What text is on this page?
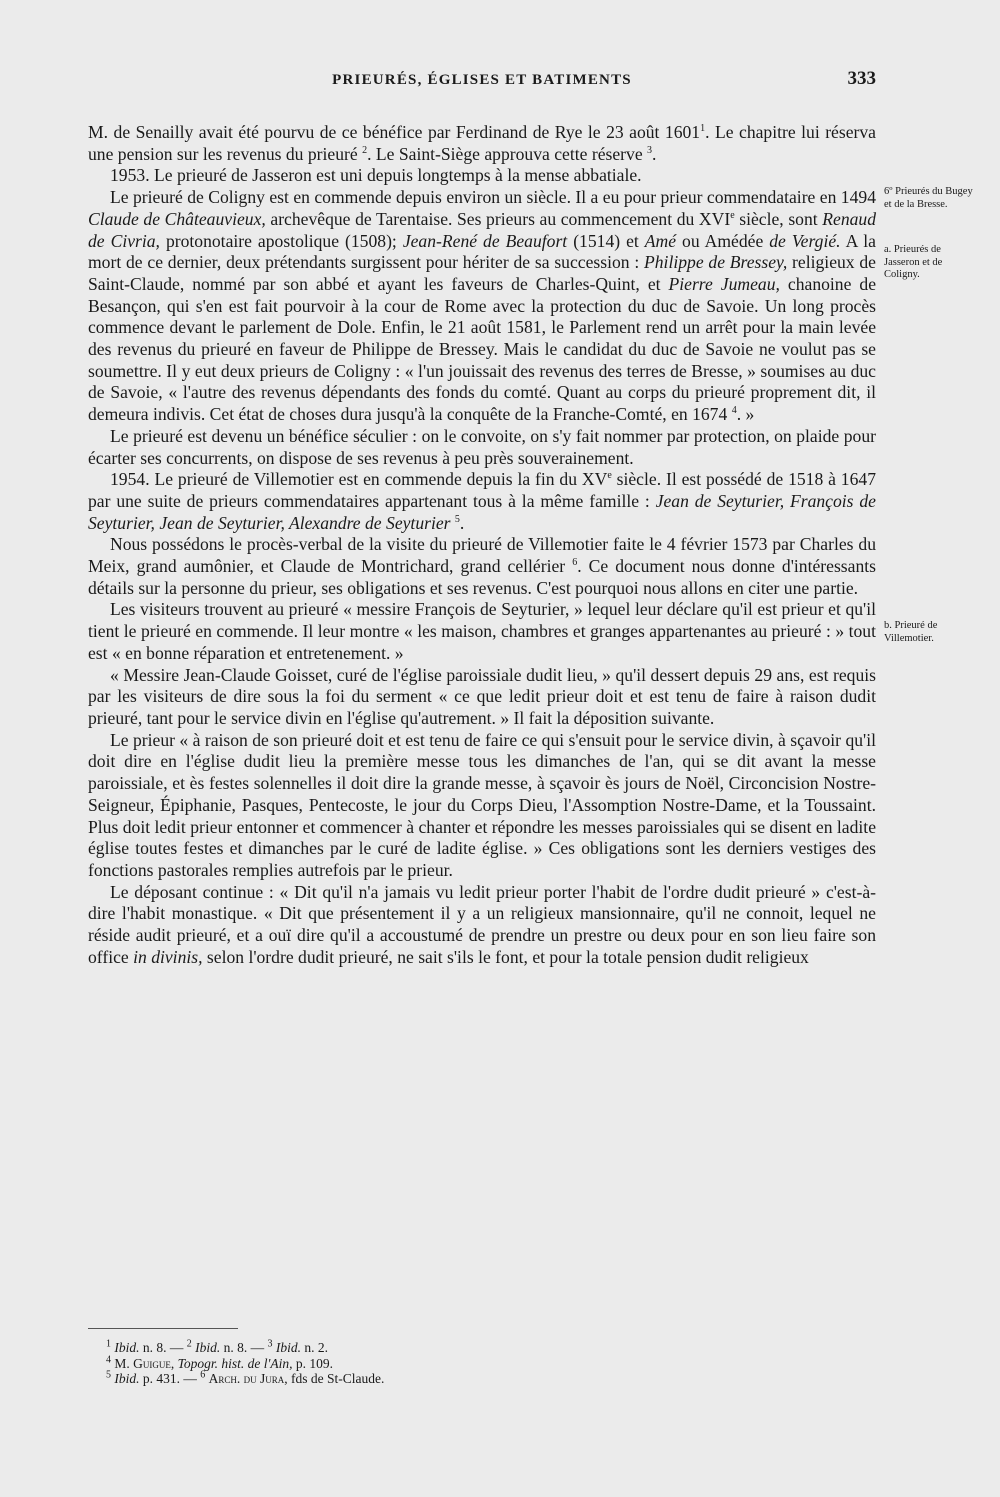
PRIEURÉS, ÉGLISES ET BATIMENTS	333

M. de Senailly avait été pourvu de ce bénéfice par Ferdinand de Rye le 23 août 1601$^1$. Le chapitre lui réserva une pension sur les revenus du prieuré $^2$. Le Saint-Siège approuva cette réserve $^3$.

1953. Le prieuré de Jasseron est uni depuis longtemps à la mense abbatiale.

Le prieuré de Coligny est en commende depuis environ un siècle. Il a eu pour prieur commendataire en 1494 Claude de Châteauvieux, archevêque de Tarentaise. Ses prieurs au commencement du XVIe siècle, sont Renaud de Civria, protonotaire apostolique (1508); Jean-René de Beaufort (1514) et Amé ou Amédée de Vergié. A la mort de ce dernier, deux prétendants surgissent pour hériter de sa succession : Philippe de Bressey, religieux de Saint-Claude, nommé par son abbé et ayant les faveurs de Charles-Quint, et Pierre Jumeau, chanoine de Besançon, qui s'en est fait pourvoir à la cour de Rome avec la protection du duc de Savoie. Un long procès commence devant le parlement de Dole. Enfin, le 21 août 1581, le Parlement rend un arrêt pour la main levée des revenus du prieuré en faveur de Philippe de Bressey. Mais le candidat du duc de Savoie ne voulut pas se soumettre. Il y eut deux prieurs de Coligny : « l'un jouissait des revenus des terres de Bresse, » soumises au duc de Savoie, « l'autre des revenus dépendants des fonds du comté. Quant au corps du prieuré proprement dit, il demeura indivis. Cet état de choses dura jusqu'à la conquête de la Franche-Comté, en 1674 $^4$. »

Le prieuré est devenu un bénéfice séculier : on le convoite, on s'y fait nommer par protection, on plaide pour écarter ses concurrents, on dispose de ses revenus à peu près souverainement.

1954. Le prieuré de Villemotier est en commende depuis la fin du XVe siècle. Il est possédé de 1518 à 1647 par une suite de prieurs commendataires appartenant tous à la même famille : Jean de Seyturier, François de Seyturier, Jean de Seyturier, Alexandre de Seyturier $^5$.

Nous possédons le procès-verbal de la visite du prieuré de Villemotier faite le 4 février 1573 par Charles du Meix, grand aumônier, et Claude de Montrichard, grand cellérier $^6$. Ce document nous donne d'intéressants détails sur la personne du prieur, ses obligations et ses revenus. C'est pourquoi nous allons en citer une partie.

Les visiteurs trouvent au prieuré « messire François de Seyturier, » lequel leur déclare qu'il est prieur et qu'il tient le prieuré en commende. Il leur montre « les maison, chambres et granges appartenantes au prieuré : » tout est « en bonne réparation et entretenement. »

« Messire Jean-Claude Goisset, curé de l'église paroissiale dudit lieu, » qu'il dessert depuis 29 ans, est requis par les visiteurs de dire sous la foi du serment « ce que ledit prieur doit et est tenu de faire à raison dudit prieuré, tant pour le service divin en l'église qu'autrement. » Il fait la déposition suivante.

Le prieur « à raison de son prieuré doit et est tenu de faire ce qui s'ensuit pour le service divin, à sçavoir qu'il doit dire en l'église dudit lieu la première messe tous les dimanches de l'an, qui se dit avant la messe paroissiale, et ès festes solennelles il doit dire la grande messe, à sçavoir ès jours de Noël, Circoncision Nostre-Seigneur, Épiphanie, Pasques, Pentecoste, le jour du Corps Dieu, l'Assomption Nostre-Dame, et la Toussaint. Plus doit ledit prieur entonner et commencer à chanter et répondre les messes paroissiales qui se disent en ladite église toutes festes et dimanches par le curé de ladite église. » Ces obligations sont les derniers vestiges des fonctions pastorales remplies autrefois par le prieur.

Le déposant continue : « Dit qu'il n'a jamais vu ledit prieur porter l'habit de l'ordre dudit prieuré » c'est-à-dire l'habit monastique. « Dit que présentement il y a un religieux mansionnaire, qu'il ne connoit, lequel ne réside audit prieuré, et a ouï dire qu'il a accoustumé de prendre un prestre ou deux pour en son lieu faire son office in divinis, selon l'ordre dudit prieuré, ne sait s'ils le font, et pour la totale pension dudit religieux

6º Prieurés du Bugey et de la Bresse.
a. Prieurés de Jasseron et de Coligny.
b. Prieuré de Villemotier.
$^1$ Ibid. n. 8. — $^2$ Ibid. n. 8. — $^3$ Ibid. n. 2.
$^4$ M. Guigue, Topogr. hist. de l'Ain, p. 109.
$^5$ Ibid. p. 431. — $^6$ Arch. du Jura, fds de St-Claude.
